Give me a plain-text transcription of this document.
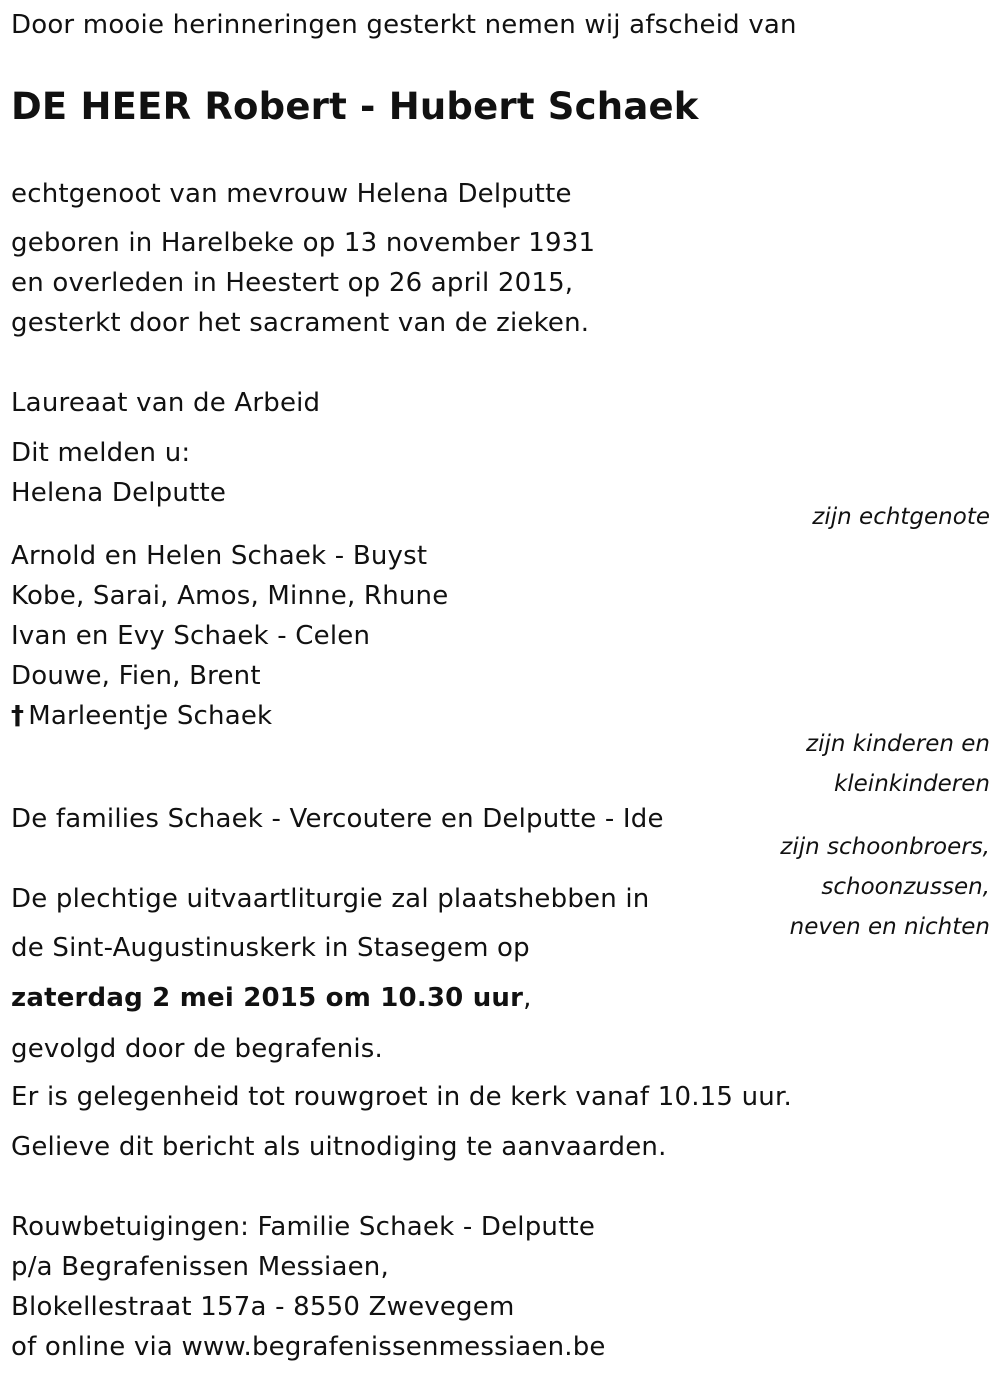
Door mooie herinneringen gesterkt nemen wij afscheid van
DE HEER Robert - Hubert Schaek
echtgenoot van mevrouw Helena Delputte
geboren in Harelbeke op 13 november 1931
en overleden in Heestert op 26 april 2015,
gesterkt door het sacrament van de zieken.
Laureaat van de Arbeid
Dit melden u:
Helena Delputte
zijn echtgenote
Arnold en Helen Schaek - Buyst
Kobe, Sarai, Amos, Minne, Rhune
Ivan en Evy Schaek - Celen
Douwe, Fien, Brent
† Marleentje Schaek
zijn kinderen en
kleinkinderen
De families Schaek - Vercoutere en Delputte - Ide
zijn schoonbroers,
schoonzussen,
neven en nichten
De plechtige uitvaartliturgie zal plaatshebben in
de Sint-Augustinuskerk in Stasegem op
zaterdag 2 mei 2015 om 10.30 uur,
gevolgd door de begrafenis.
Er is gelegenheid tot rouwgroet in de kerk vanaf 10.15 uur.
Gelieve dit bericht als uitnodiging te aanvaarden.
Rouwbetuigingen: Familie Schaek - Delputte
p/a Begrafenissen Messiaen,
Blokellestraat 157a - 8550 Zwevegem
of online via www.begrafenissenmessiaen.be
